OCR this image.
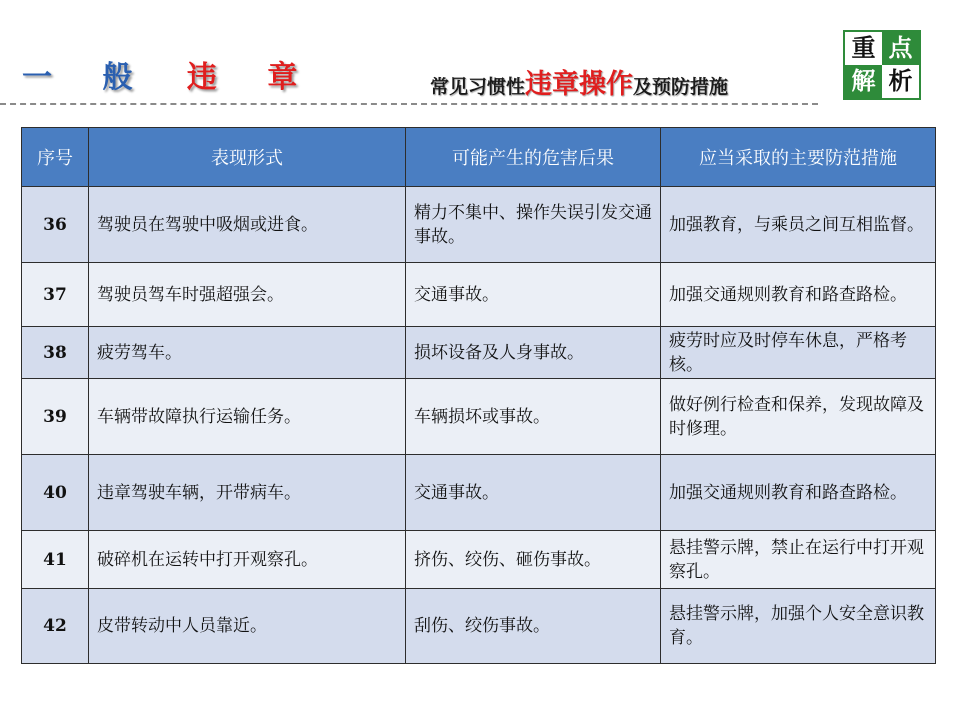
一 般 违 章	常见习惯性违章操作及预防措施
重 点
解 析
序号	表现形式	可能产生的危害后果	应当采取的主要防范措施
36	驾驶员在驾驶中吸烟或进食。	精力不集中、操作失误引发交通事故。	加强教育，与乘员之间互相监督。
37	驾驶员驾车时强超强会。	交通事故。	加强交通规则教育和路查路检。
38	疲劳驾车。	损坏设备及人身事故。	疲劳时应及时停车休息，严格考核。
39	车辆带故障执行运输任务。	车辆损坏或事故。	做好例行检查和保养，发现故障及时修理。
40	违章驾驶车辆，开带病车。	交通事故。	加强交通规则教育和路查路检。
41	破碎机在运转中打开观察孔。	挤伤、绞伤、砸伤事故。	悬挂警示牌，禁止在运行中打开观察孔。
42	皮带转动中人员靠近。	刮伤、绞伤事故。	悬挂警示牌，加强个人安全意识教育。
